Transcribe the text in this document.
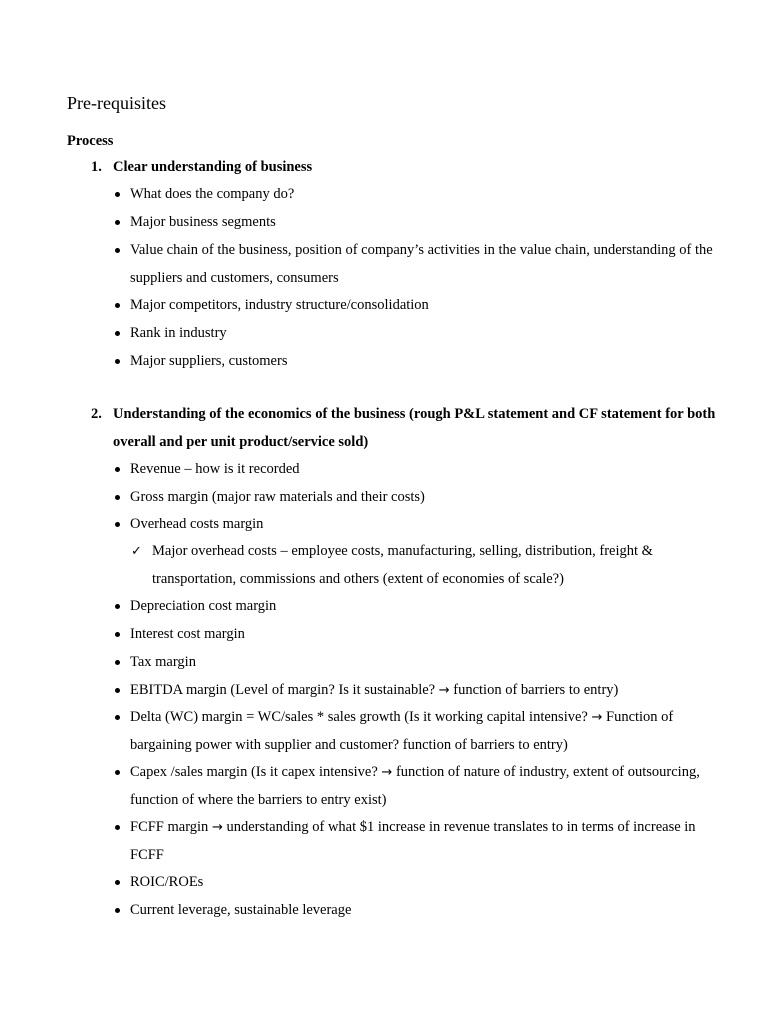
Pre-requisites
Process
1. Clear understanding of business
What does the company do?
Major business segments
Value chain of the business, position of company’s activities in the value chain, understanding of the suppliers and customers, consumers
Major competitors, industry structure/consolidation
Rank in industry
Major suppliers, customers
2. Understanding of the economics of the business (rough P&L statement and CF statement for both overall and per unit product/service sold)
Revenue – how is it recorded
Gross margin (major raw materials and their costs)
Overhead costs margin
✓ Major overhead costs – employee costs, manufacturing, selling, distribution, freight & transportation, commissions and others (extent of economies of scale?)
Depreciation cost margin
Interest cost margin
Tax margin
EBITDA margin (Level of margin? Is it sustainable? → function of barriers to entry)
Delta (WC) margin = WC/sales * sales growth (Is it working capital intensive? → Function of bargaining power with supplier and customer? function of barriers to entry)
Capex /sales margin (Is it capex intensive? → function of nature of industry, extent of outsourcing, function of where the barriers to entry exist)
FCFF margin → understanding of what $1 increase in revenue translates to in terms of increase in FCFF
ROIC/ROEs
Current leverage, sustainable leverage
